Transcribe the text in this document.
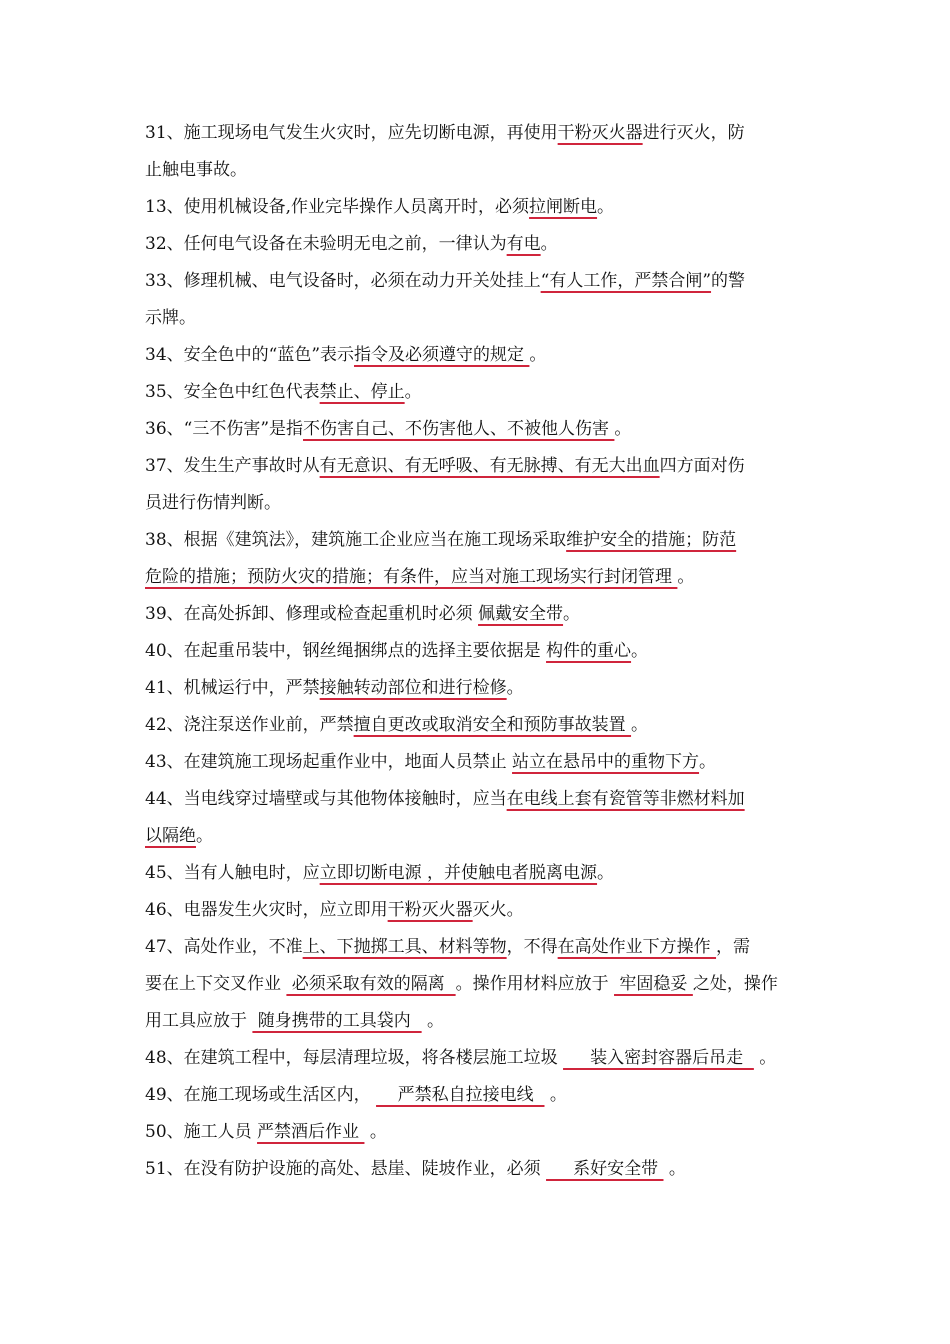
31、施工现场电气发生火灾时，应先切断电源，再使用干粉灭火器进行灭火，防
止触电事故。
13、使用机械设备,作业完毕操作人员离开时，必须拉闸断电。
32、任何电气设备在未验明无电之前，一律认为有电。
33、修理机械、电气设备时，必须在动力开关处挂上“有人工作，严禁合闸”的警
示牌。
34、安全色中的“蓝色”表示指令及必须遵守的规定 。
35、安全色中红色代表禁止、停止。
36、“三不伤害”是指不伤害自己、不伤害他人、不被他人伤害 。
37、发生生产事故时从有无意识、有无呼吸、有无脉搏、有无大出血四方面对伤
员进行伤情判断。
38、根据《建筑法》，建筑施工企业应当在施工现场采取维护安全的措施；防范
危险的措施；预防火灾的措施；有条件，应当对施工现场实行封闭管理 。
39、在高处拆卸、修理或检查起重机时必须 佩戴安全带。
40、在起重吊装中，钢丝绳捆绑点的选择主要依据是 构件的重心。
41、机械运行中，严禁接触转动部位和进行检修。
42、浇注泵送作业前，严禁擅自更改或取消安全和预防事故装置 。
43、在建筑施工现场起重作业中，地面人员禁止 站立在悬吊中的重物下方。
44、当电线穿过墙壁或与其他物体接触时，应当在电线上套有瓷管等非燃材料加
以隔绝。
45、当有人触电时，应立即切断电源 ，并使触电者脱离电源。
46、电器发生火灾时，应立即用干粉灭火器灭火。
47、高处作业，不准上、下抛掷工具、材料等物，不得在高处作业下方操作 ，需
要在上下交叉作业  必须采取有效的隔离  。操作用材料应放于  牢固稳妥 之处，操作
用工具应放于  随身携带的工具袋内   。
48、在建筑工程中，每层清理垃圾，将各楼层施工垃圾      装入密封容器后吊走   。
49、在施工现场或生活区内，     严禁私自拉接电线   。
50、施工人员 严禁酒后作业  。
51、在没有防护设施的高处、悬崖、陡坡作业，必须      系好安全带  。
